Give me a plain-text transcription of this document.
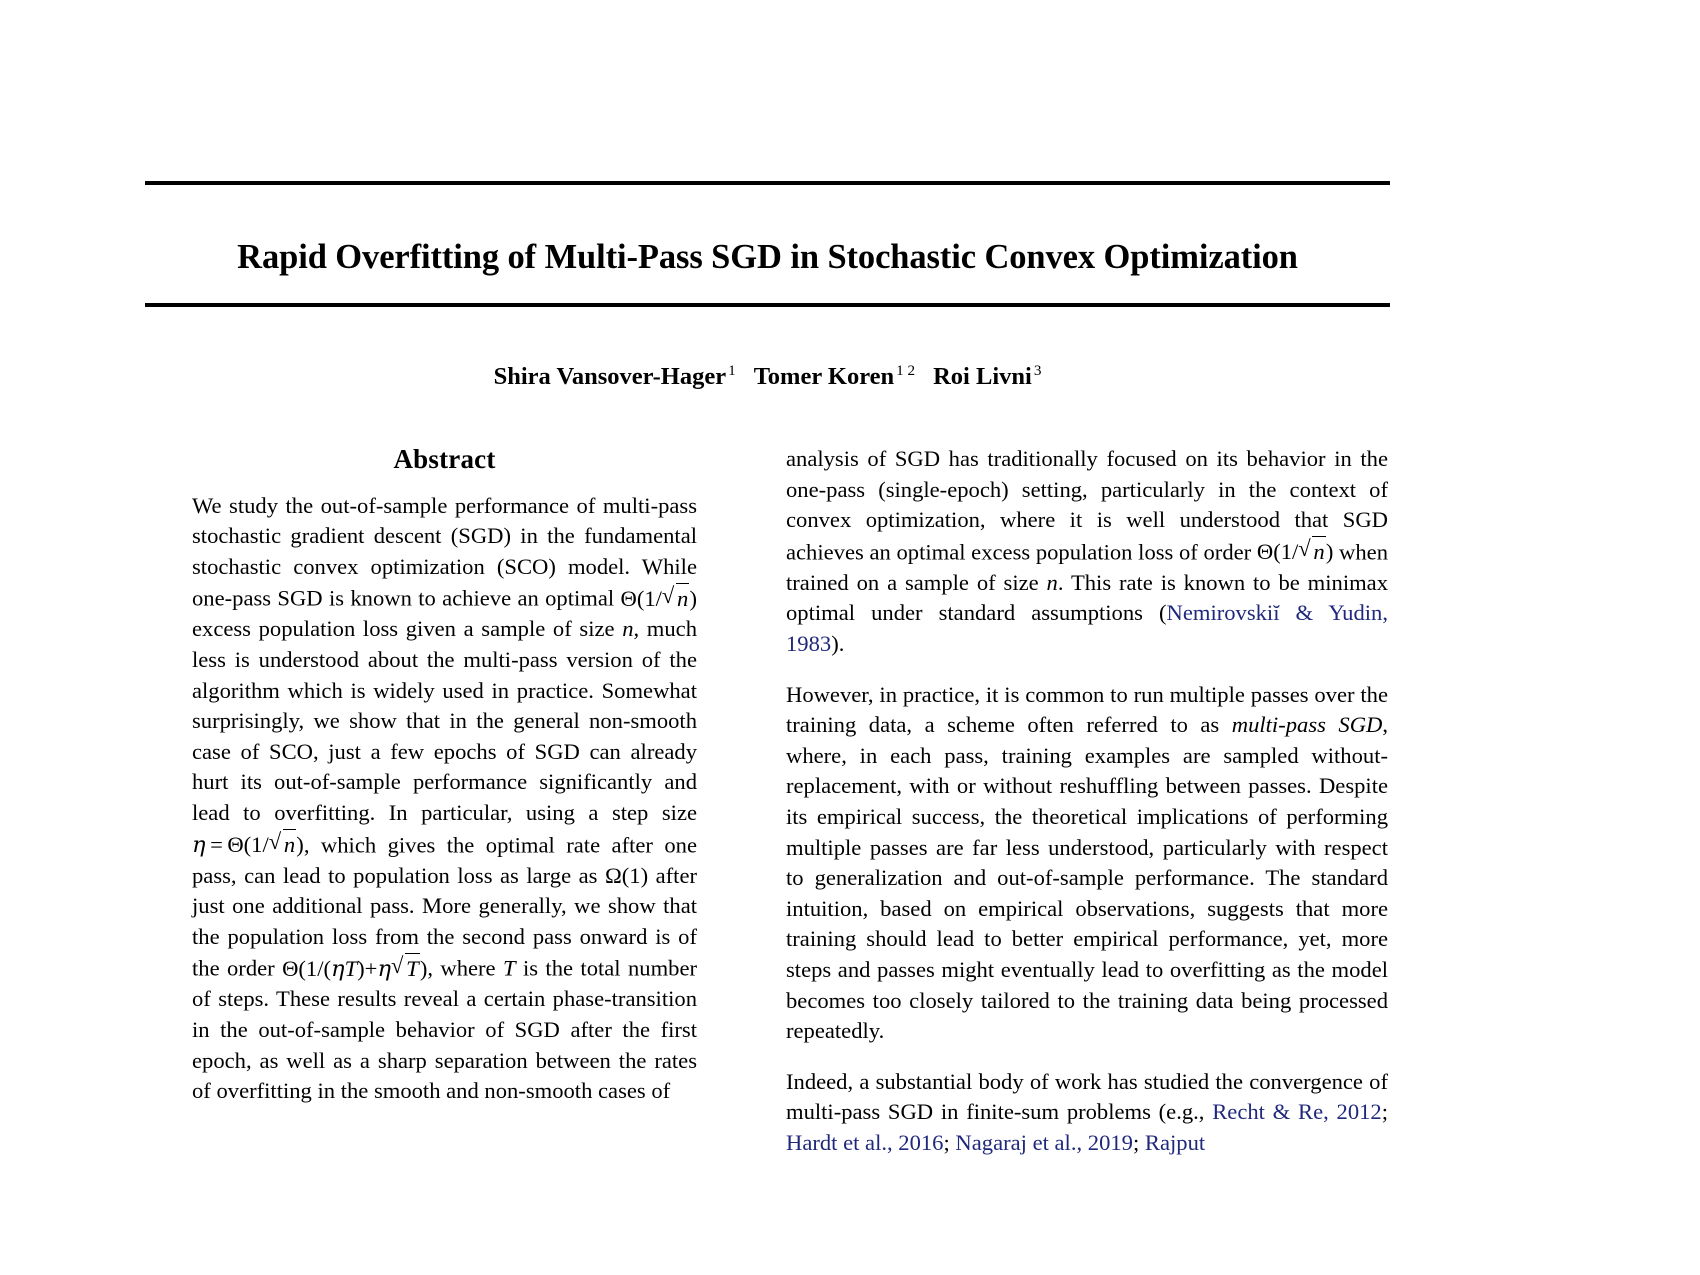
Rapid Overfitting of Multi-Pass SGD in Stochastic Convex Optimization
Shira Vansover-Hager $^1$ Tomer Koren $^{1 2}$ Roi Livni $^3$
Abstract

We study the out-of-sample performance of multi-pass stochastic gradient descent (SGD) in the fundamental stochastic convex optimization (SCO) model. While one-pass SGD is known to achieve an optimal Θ(1/ √ n) excess population loss given a sample of size n, much less is understood about the multi-pass version of the algorithm which is widely used in practice. Somewhat surprisingly, we show that in the general non-smooth case of SCO, just a few epochs of SGD can already hurt its out-of-sample performance significantly and lead to overfitting. In particular, using a step size η = Θ(1/ √ n), which gives the optimal rate after one pass, can lead to population loss as large as Ω(1) after just one additional pass. More generally, we show that the population loss from the second pass onward is of the order Θ(1/(ηT)+η √ T), where T is the total number of steps. These results reveal a certain phase-transition in the out-of-sample behavior of SGD after the first epoch, as well as a sharp separation between the rates of overfitting in the smooth and non-smooth cases of

analysis of SGD has traditionally focused on its behavior in the one-pass (single-epoch) setting, particularly in the context of convex optimization, where it is well understood that SGD achieves an optimal excess population loss of order Θ(1/ √ n) when trained on a sample of size n. This rate is known to be minimax optimal under standard assumptions (Nemirovskiĭ & Yudin, 1983).

However, in practice, it is common to run multiple passes over the training data, a scheme often referred to as multi-pass SGD, where, in each pass, training examples are sampled without-replacement, with or without reshuffling between passes. Despite its empirical success, the theoretical implications of performing multiple passes are far less understood, particularly with respect to generalization and out-of-sample performance. The standard intuition, based on empirical observations, suggests that more training should lead to better empirical performance, yet, more steps and passes might eventually lead to overfitting as the model becomes too closely tailored to the training data being processed repeatedly.

Indeed, a substantial body of work has studied the convergence of multi-pass SGD in finite-sum problems (e.g., Recht & Re, 2012; Hardt et al., 2016; Nagaraj et al., 2019; Rajput
